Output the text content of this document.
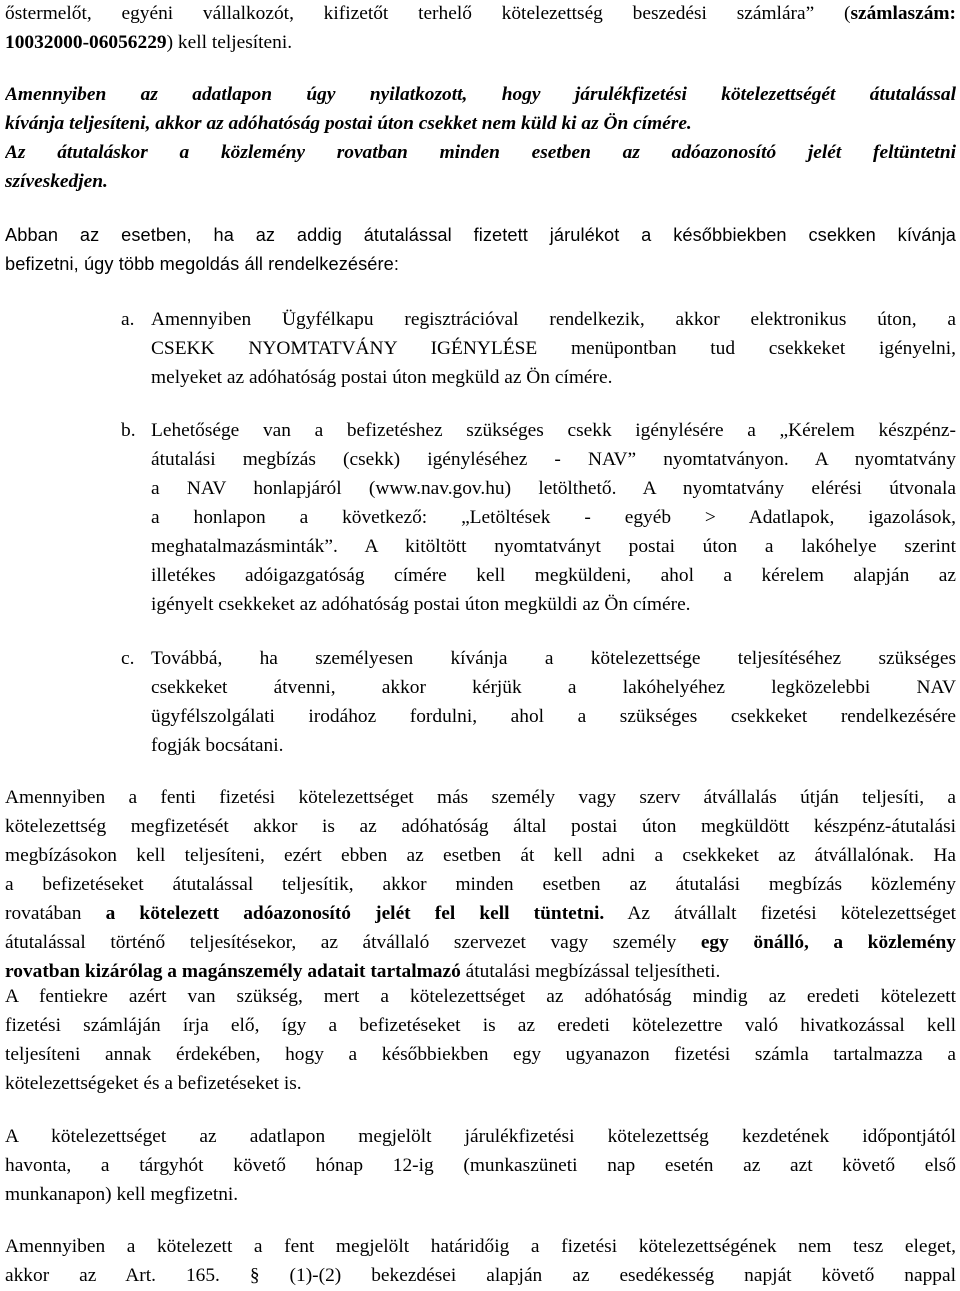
őstermelőt, egyéni vállalkozót, kifizetőt terhelő kötelezettség beszedési számlára” (számlaszám:
10032000-06056229) kell teljesíteni.
Amennyiben az adatlapon úgy nyilatkozott, hogy járulékfizetési kötelezettségét átutalással
kívánja teljesíteni, akkor az adóhatóság postai úton csekket nem küld ki az Ön címére.
Az átutaláskor a közlemény rovatban minden esetben az adóazonosító jelét feltüntetni
szíveskedjen.
Abban az esetben, ha az addig átutalással fizetett járulékot a későbbiekben csekken kívánja
befizetni, úgy több megoldás áll rendelkezésére:
a. Amennyiben Ügyfélkapu regisztrációval rendelkezik, akkor elektronikus úton, a
CSEKK NYOMTATVÁNY IGÉNYLÉSE menüpontban tud csekkeket igényelni,
melyeket az adóhatóság postai úton megküld az Ön címére.
b. Lehetősége van a befizetéshez szükséges csekk igénylésére a „Kérelem készpénz-
átutalási megbízás (csekk) igényléséhez - NAV” nyomtatványon. A nyomtatvány
a NAV honlapjáról (www.nav.gov.hu) letölthető. A nyomtatvány elérési útvonala
a honlapon a következő: „Letöltések - egyéb > Adatlapok, igazolások,
meghatalmazásminták”. A kitöltött nyomtatványt postai úton a lakóhelye szerint
illetékes adóigazgatóság címére kell megküldeni, ahol a kérelem alapján az
igényelt csekkeket az adóhatóság postai úton megküldi az Ön címére.
c. Továbbá, ha személyesen kívánja a kötelezettsége teljesítéséhez szükséges
csekkeket átvenni, akkor kérjük a lakóhelyéhez legközelebbi NAV
ügyfélszolgálati irodához fordulni, ahol a szükséges csekkeket rendelkezésére
fogják bocsátani.
Amennyiben a fenti fizetési kötelezettséget más személy vagy szerv átvállalás útján teljesíti, a
kötelezettség megfizetését akkor is az adóhatóság által postai úton megküldött készpénz-átutalási
megbízásokon kell teljesíteni, ezért ebben az esetben át kell adni a csekkeket az átvállalónak. Ha
a befizetéseket átutalással teljesítik, akkor minden esetben az átutalási megbízás közlemény
rovatában a kötelezett adóazonosító jelét fel kell tüntetni. Az átvállalt fizetési kötelezettséget
átutalással történő teljesítésekor, az átvállaló szervezet vagy személy egy önálló, a közlemény
rovatban kizárólag a magánszemély adatait tartalmazó átutalási megbízással teljesítheti.
A fentiekre azért van szükség, mert a kötelezettséget az adóhatóság mindig az eredeti kötelezett
fizetési számláján írja elő, így a befizetéseket is az eredeti kötelezettre való hivatkozással kell
teljesíteni annak érdekében, hogy a későbbiekben egy ugyanazon fizetési számla tartalmazza a
kötelezettségeket és a befizetéseket is.
A kötelezettséget az adatlapon megjelölt járulékfizetési kötelezettség kezdetének időpontjától
havonta, a tárgyhót követő hónap 12-ig (munkaszüneti nap esetén az azt követő első
munkanapon) kell megfizetni.
Amennyiben a kötelezett a fent megjelölt határidőig a fizetési kötelezettségének nem tesz eleget,
akkor az Art. 165. § (1)-(2) bekezdései alapján az esedékesség napját követő nappal
